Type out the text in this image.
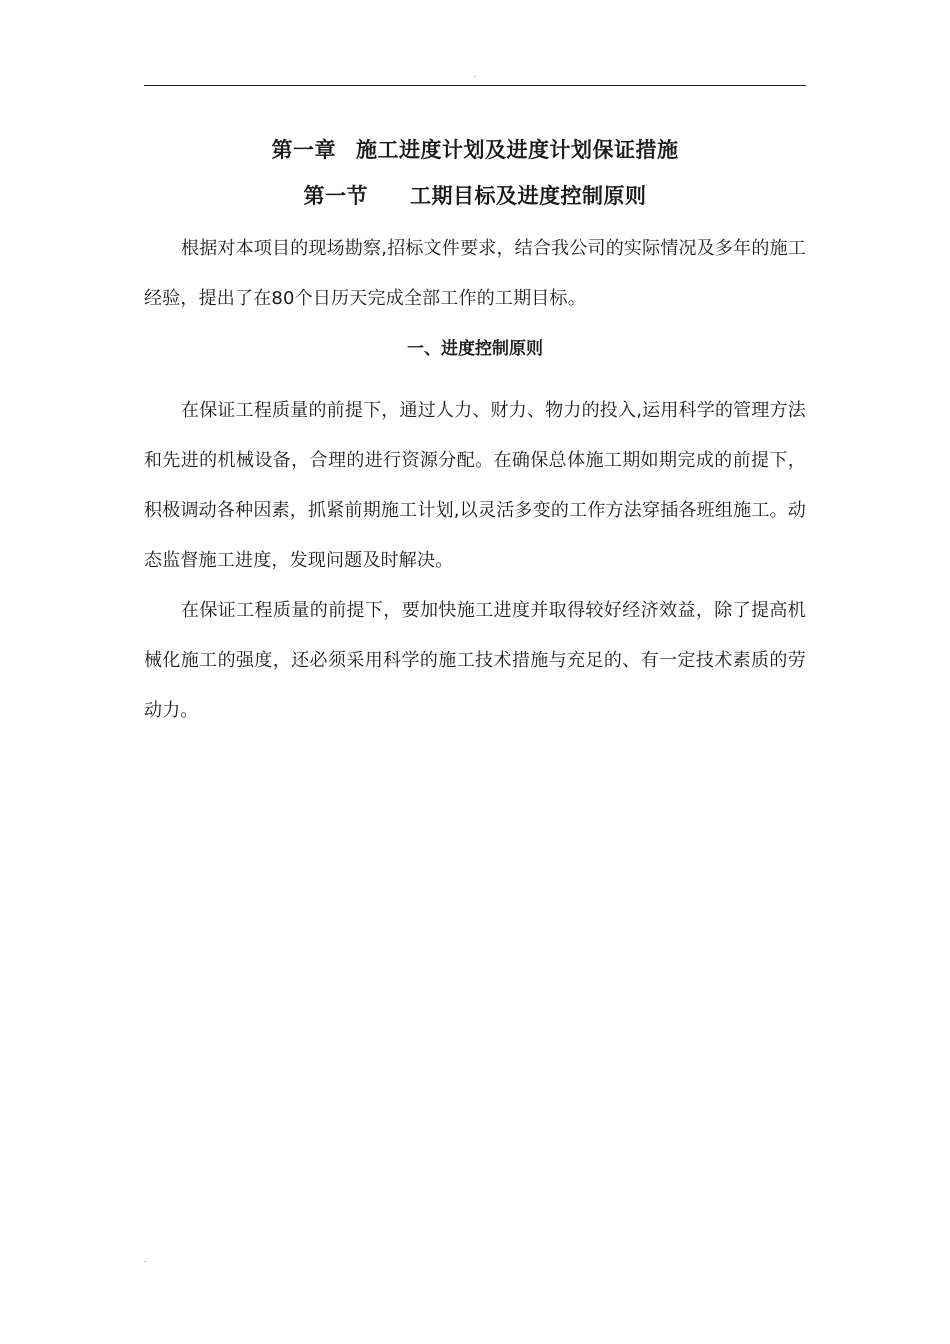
.
第一章 施工进度计划及进度计划保证措施
第一节 工期目标及进度控制原则

根据对本项目的现场勘察,招标文件要求，结合我公司的实际情况及多年的施工经验，提出了在80个日历天完成全部工作的工期目标。

一、进度控制原则

在保证工程质量的前提下，通过人力、财力、物力的投入,运用科学的管理方法和先进的机械设备，合理的进行资源分配。在确保总体施工期如期完成的前提下，积极调动各种因素，抓紧前期施工计划,以灵活多变的工作方法穿插各班组施工。动态监督施工进度，发现问题及时解决。

在保证工程质量的前提下，要加快施工进度并取得较好经济效益，除了提高机械化施工的强度，还必须采用科学的施工技术措施与充足的、有一定技术素质的劳动力。

.
